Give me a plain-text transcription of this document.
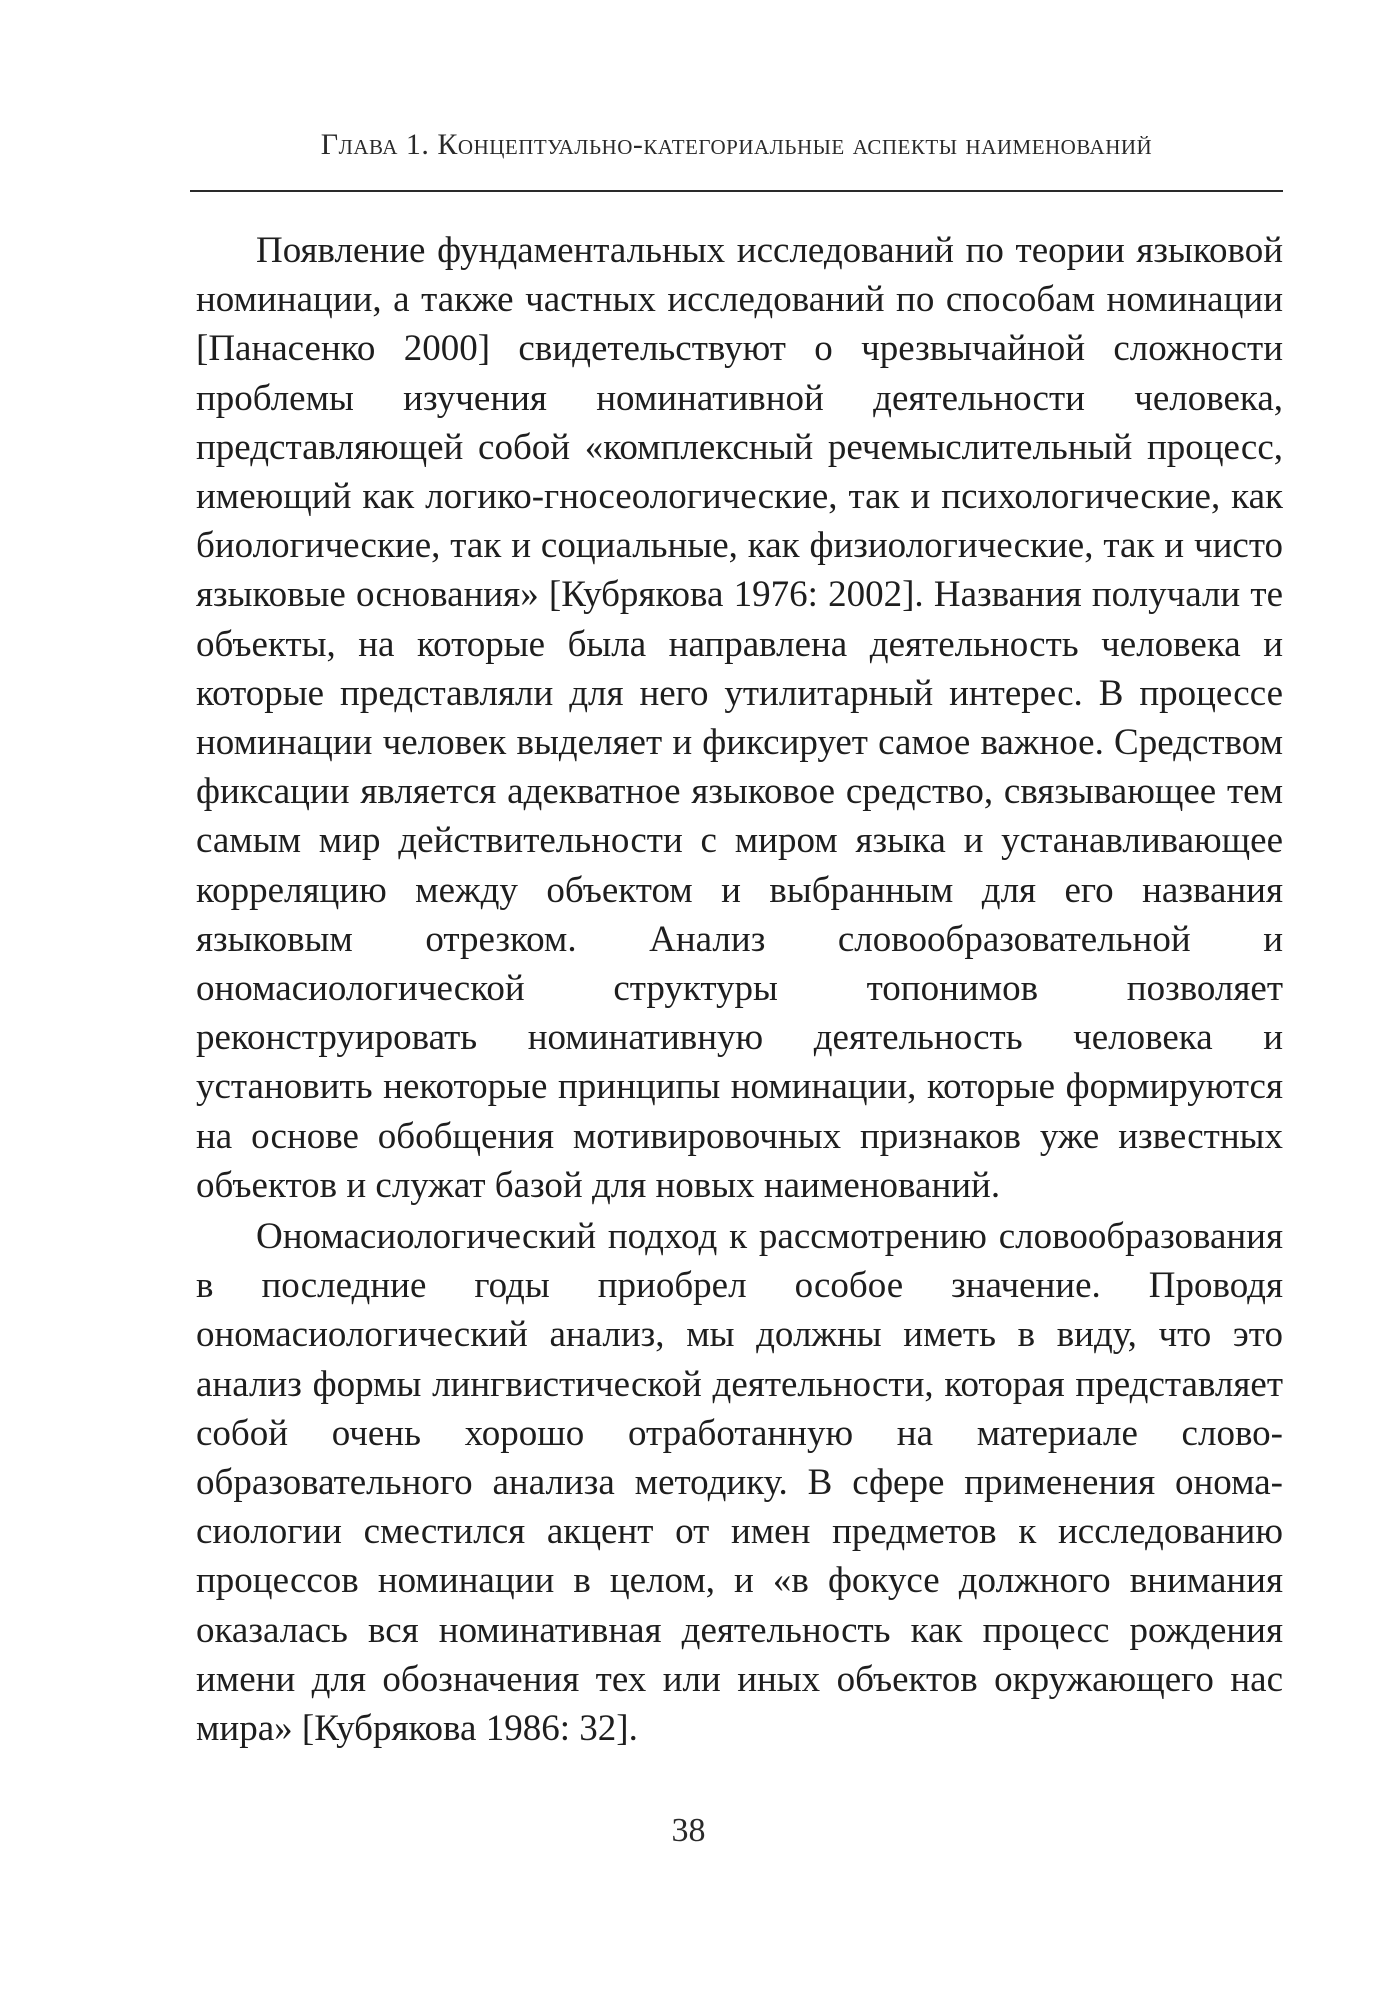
Глава 1. Концептуально-категориальные аспекты наименований

Появление фундаментальных исследований по теории языковой номинации, а также частных исследований по способам номинации [Панасенко 2000] свидетельствуют о чрезвычайной сложности проблемы изучения номинативной деятельности человека, представляющей собой «комплексный речемыслительный процесс, имеющий как логико-гносеологические, так и психологические, как биологические, так и социальные, как физиологические, так и чисто языковые основания» [Кубрякова 1976: 2002]. Названия получали те объекты, на которые была направлена деятельность человека и которые представляли для него утилитарный интерес. В процессе номинации человек выделяет и фиксирует самое важное. Средством фиксации является адекватное языковое средство, связывающее тем самым мир действительности с миром языка и устанавливающее корреляцию между объектом и выбранным для его названия языковым отрезком. Анализ словообразовательной и ономасиологической структуры топонимов позволяет реконструировать номинативную деятельность человека и установить некоторые принципы номинации, которые формируются на основе обобщения мотивировочных признаков уже известных объектов и служат базой для новых наименований.

Ономасиологический подход к рассмотрению словообразования в последние годы приобрел особое значение. Проводя ономасиологический анализ, мы должны иметь в виду, что это анализ формы лингвистической деятельности, которая представляет собой очень хорошо отработанную на материале словообразовательного анализа методику. В сфере применения ономасиологии сместился акцент от имен предметов к исследованию процессов номинации в целом, и «в фокусе должного внимания оказалась вся номинативная деятельность как процесс рождения имени для обозначения тех или иных объектов окружающего нас мира» [Кубрякова 1986: 32].

38
